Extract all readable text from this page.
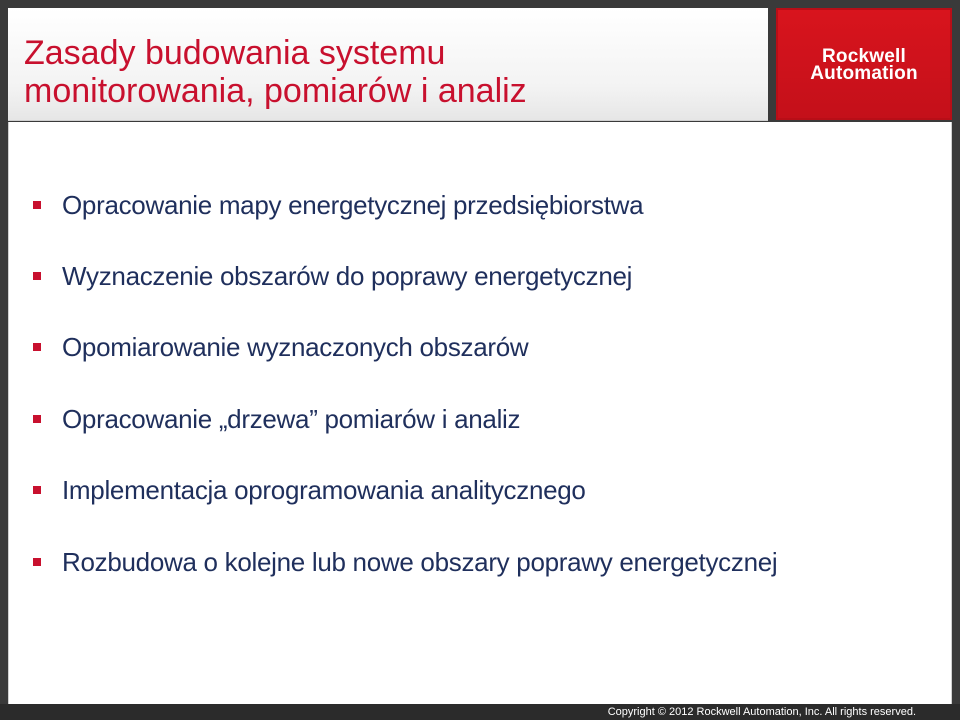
Zasady budowania systemu
monitorowania, pomiarów i analiz
Rockwell
Automation
Opracowanie mapy energetycznej przedsiębiorstwa
Wyznaczenie obszarów do poprawy energetycznej
Opomiarowanie wyznaczonych obszarów
Opracowanie „drzewa” pomiarów i analiz
Implementacja oprogramowania analitycznego
Rozbudowa o kolejne lub nowe obszary poprawy energetycznej
Copyright © 2012 Rockwell Automation, Inc. All rights reserved.
